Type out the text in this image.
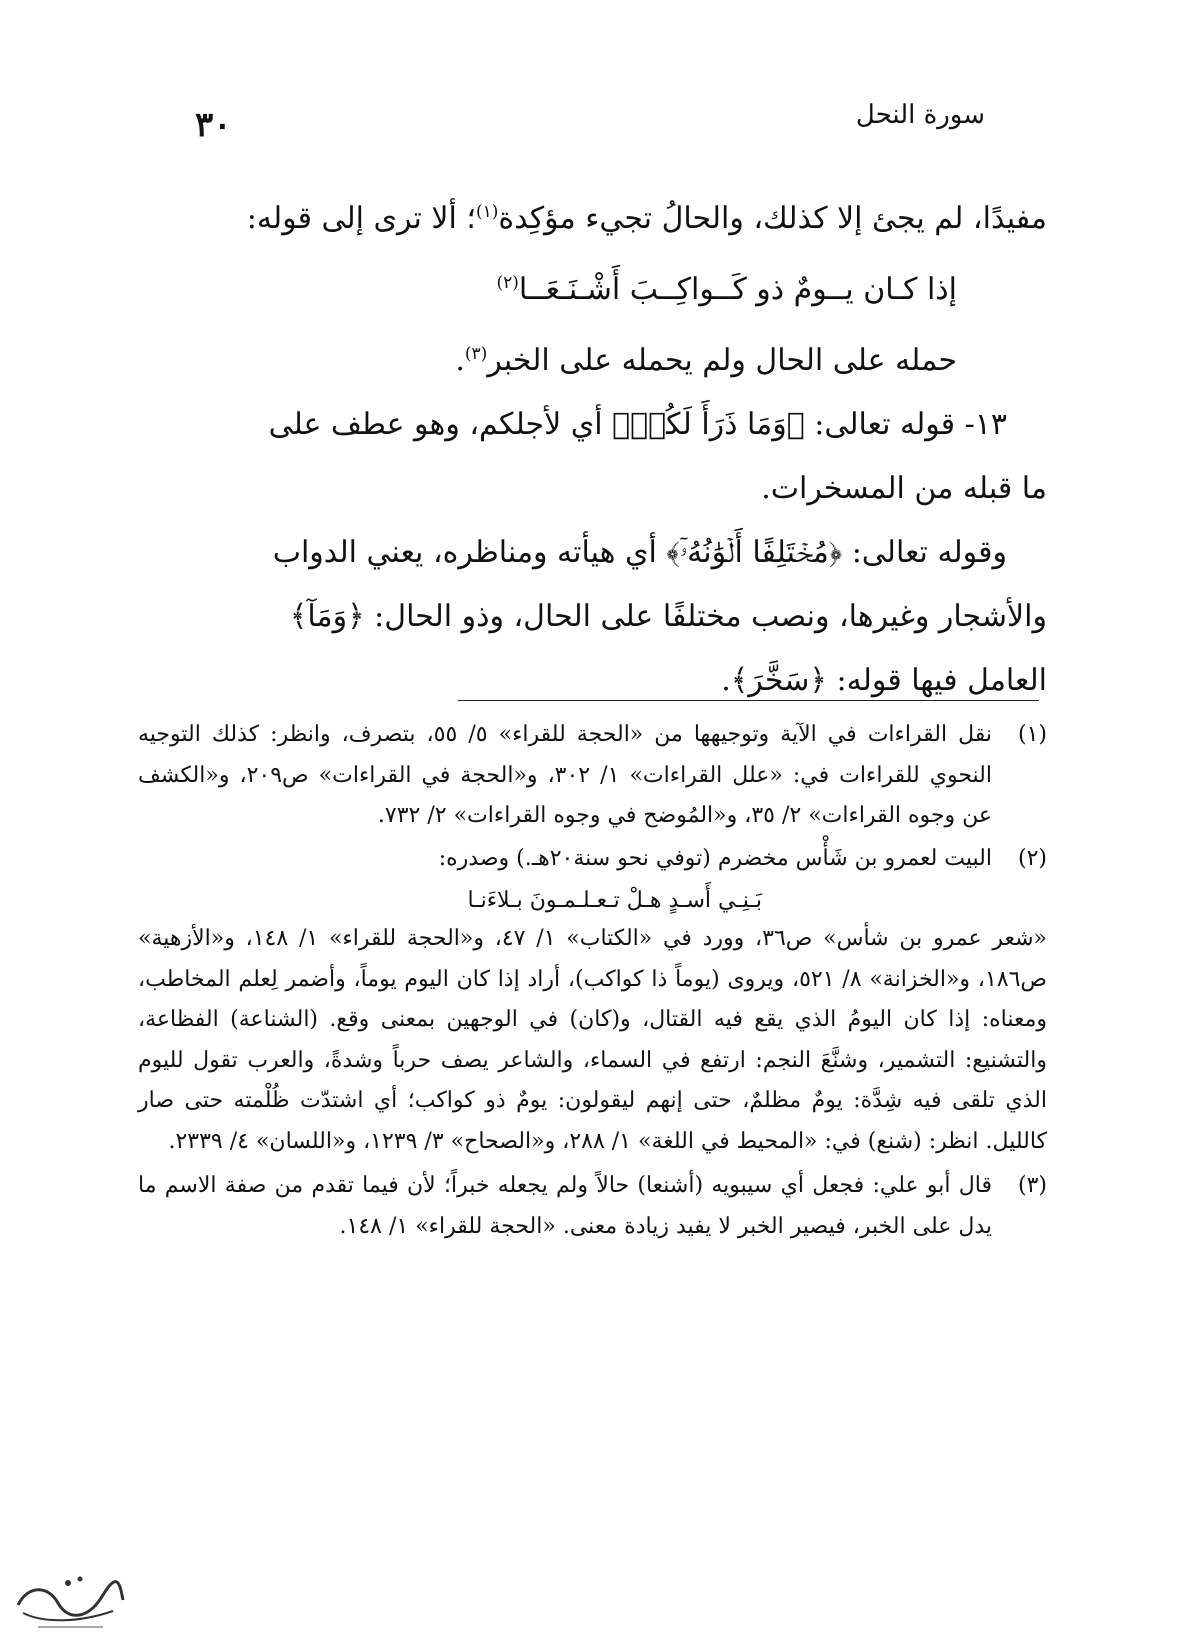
٣٠	سورة النحل

مفيدًا، لم يجئ إلا كذلك، والحالُ تجيء مؤكِدة$^{(١)}$؛ ألا ترى إلى قوله:

إذا كـان يــومٌ ذو كَــواكِــبَ أَشْـنَـعَــا$^{(٢)}$

حمله على الحال ولم يحمله على الخبر$^{(٣)}$.

١٣- قوله تعالى: ﴿وَمَا ذَرَأَ لَكُمۡ﴾ أي لأجلكم، وهو عطف على

ما قبله من المسخرات.

وقوله تعالى: ﴿مُخۡتَلِفًا أَلۡوَٰنُهُۥٓ﴾ أي هيأته ومناظره، يعني الدواب

والأشجار وغيرها، ونصب مختلفًا على الحال، وذو الحال: ﴿وَمَآ﴾

العامل فيها قوله: ﴿سَخَّرَ﴾.

(١)
نقل القراءات في الآية وتوجيهها من «الحجة للقراء» ٥/ ٥٥، بتصرف، وانظر: كذلك التوجيه النحوي للقراءات في: «علل القراءات» ١/ ٣٠٢، و«الحجة في القراءات» ص٢٠٩، و«الكشف عن وجوه القراءات» ٢/ ٣٥، و«المُوضح في وجوه القراءات» ٢/ ٧٣٢.
(٢)

البيت لعمرو بن شَأْس مخضرم (توفي نحو سنة٢٠هـ.) وصدره:

بَـنِـي أَسـدٍ هـلْ تـعـلـمـونَ بـلاءَنـا

«شعر عمرو بن شأس» ص٣٦، وورد في «الكتاب» ١/ ٤٧، و«الحجة للقراء» ١/ ١٤٨، و«الأزهية» ص١٨٦، و«الخزانة» ٨/ ٥٢١، ويروى (يوماً ذا كواكب)، أراد إذا كان اليوم يوماً، وأضمر لِعلم المخاطب، ومعناه: إذا كان اليومُ الذي يقع فيه القتال، و(كان) في الوجهين بمعنى وقع. (الشناعة) الفظاعة، والتشنيع: التشمير، وشنَّعَ النجم: ارتفع في السماء، والشاعر يصف حرباً وشدةً، والعرب تقول لليوم الذي تلقى فيه شِدَّة: يومٌ مظلمٌ، حتى إنهم ليقولون: يومٌ ذو كواكب؛ أي اشتدّت ظُلْمته حتى صار كالليل. انظر: (شنع) في: «المحيط في اللغة» ١/ ٢٨٨، و«الصحاح» ٣/ ١٢٣٩، و«اللسان» ٤/ ٢٣٣٩.
(٣)
قال أبو علي: فجعل أي سيبويه (أشنعا) حالاً ولم يجعله خبراً؛ لأن فيما تقدم من صفة الاسم ما يدل على الخبر، فيصير الخبر لا يفيد زيادة معنى. «الحجة للقراء» ١/ ١٤٨.
